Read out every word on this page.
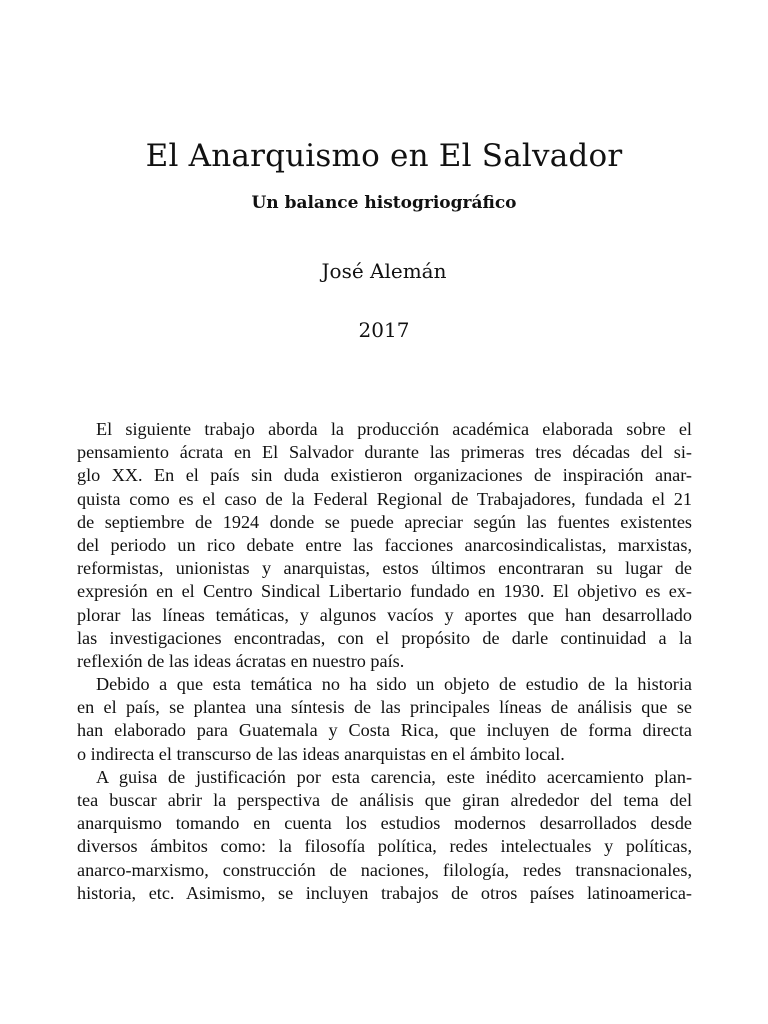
El Anarquismo en El Salvador
Un balance histogriográfico
José Alemán
2017
El siguiente trabajo aborda la producción académica elaborada sobre el
pensamiento ácrata en El Salvador durante las primeras tres décadas del si-
glo XX. En el país sin duda existieron organizaciones de inspiración anar-
quista como es el caso de la Federal Regional de Trabajadores, fundada el 21
de septiembre de 1924 donde se puede apreciar según las fuentes existentes
del periodo un rico debate entre las facciones anarcosindicalistas, marxistas,
reformistas, unionistas y anarquistas, estos últimos encontraran su lugar de
expresión en el Centro Sindical Libertario fundado en 1930. El objetivo es ex-
plorar las líneas temáticas, y algunos vacíos y aportes que han desarrollado
las investigaciones encontradas, con el propósito de darle continuidad a la
reflexión de las ideas ácratas en nuestro país.
Debido a que esta temática no ha sido un objeto de estudio de la historia
en el país, se plantea una síntesis de las principales líneas de análisis que se
han elaborado para Guatemala y Costa Rica, que incluyen de forma directa
o indirecta el transcurso de las ideas anarquistas en el ámbito local.
A guisa de justificación por esta carencia, este inédito acercamiento plan-
tea buscar abrir la perspectiva de análisis que giran alrededor del tema del
anarquismo tomando en cuenta los estudios modernos desarrollados desde
diversos ámbitos como: la filosofía política, redes intelectuales y políticas,
anarco-marxismo, construcción de naciones, filología, redes transnacionales,
historia, etc. Asimismo, se incluyen trabajos de otros países latinoamerica-
